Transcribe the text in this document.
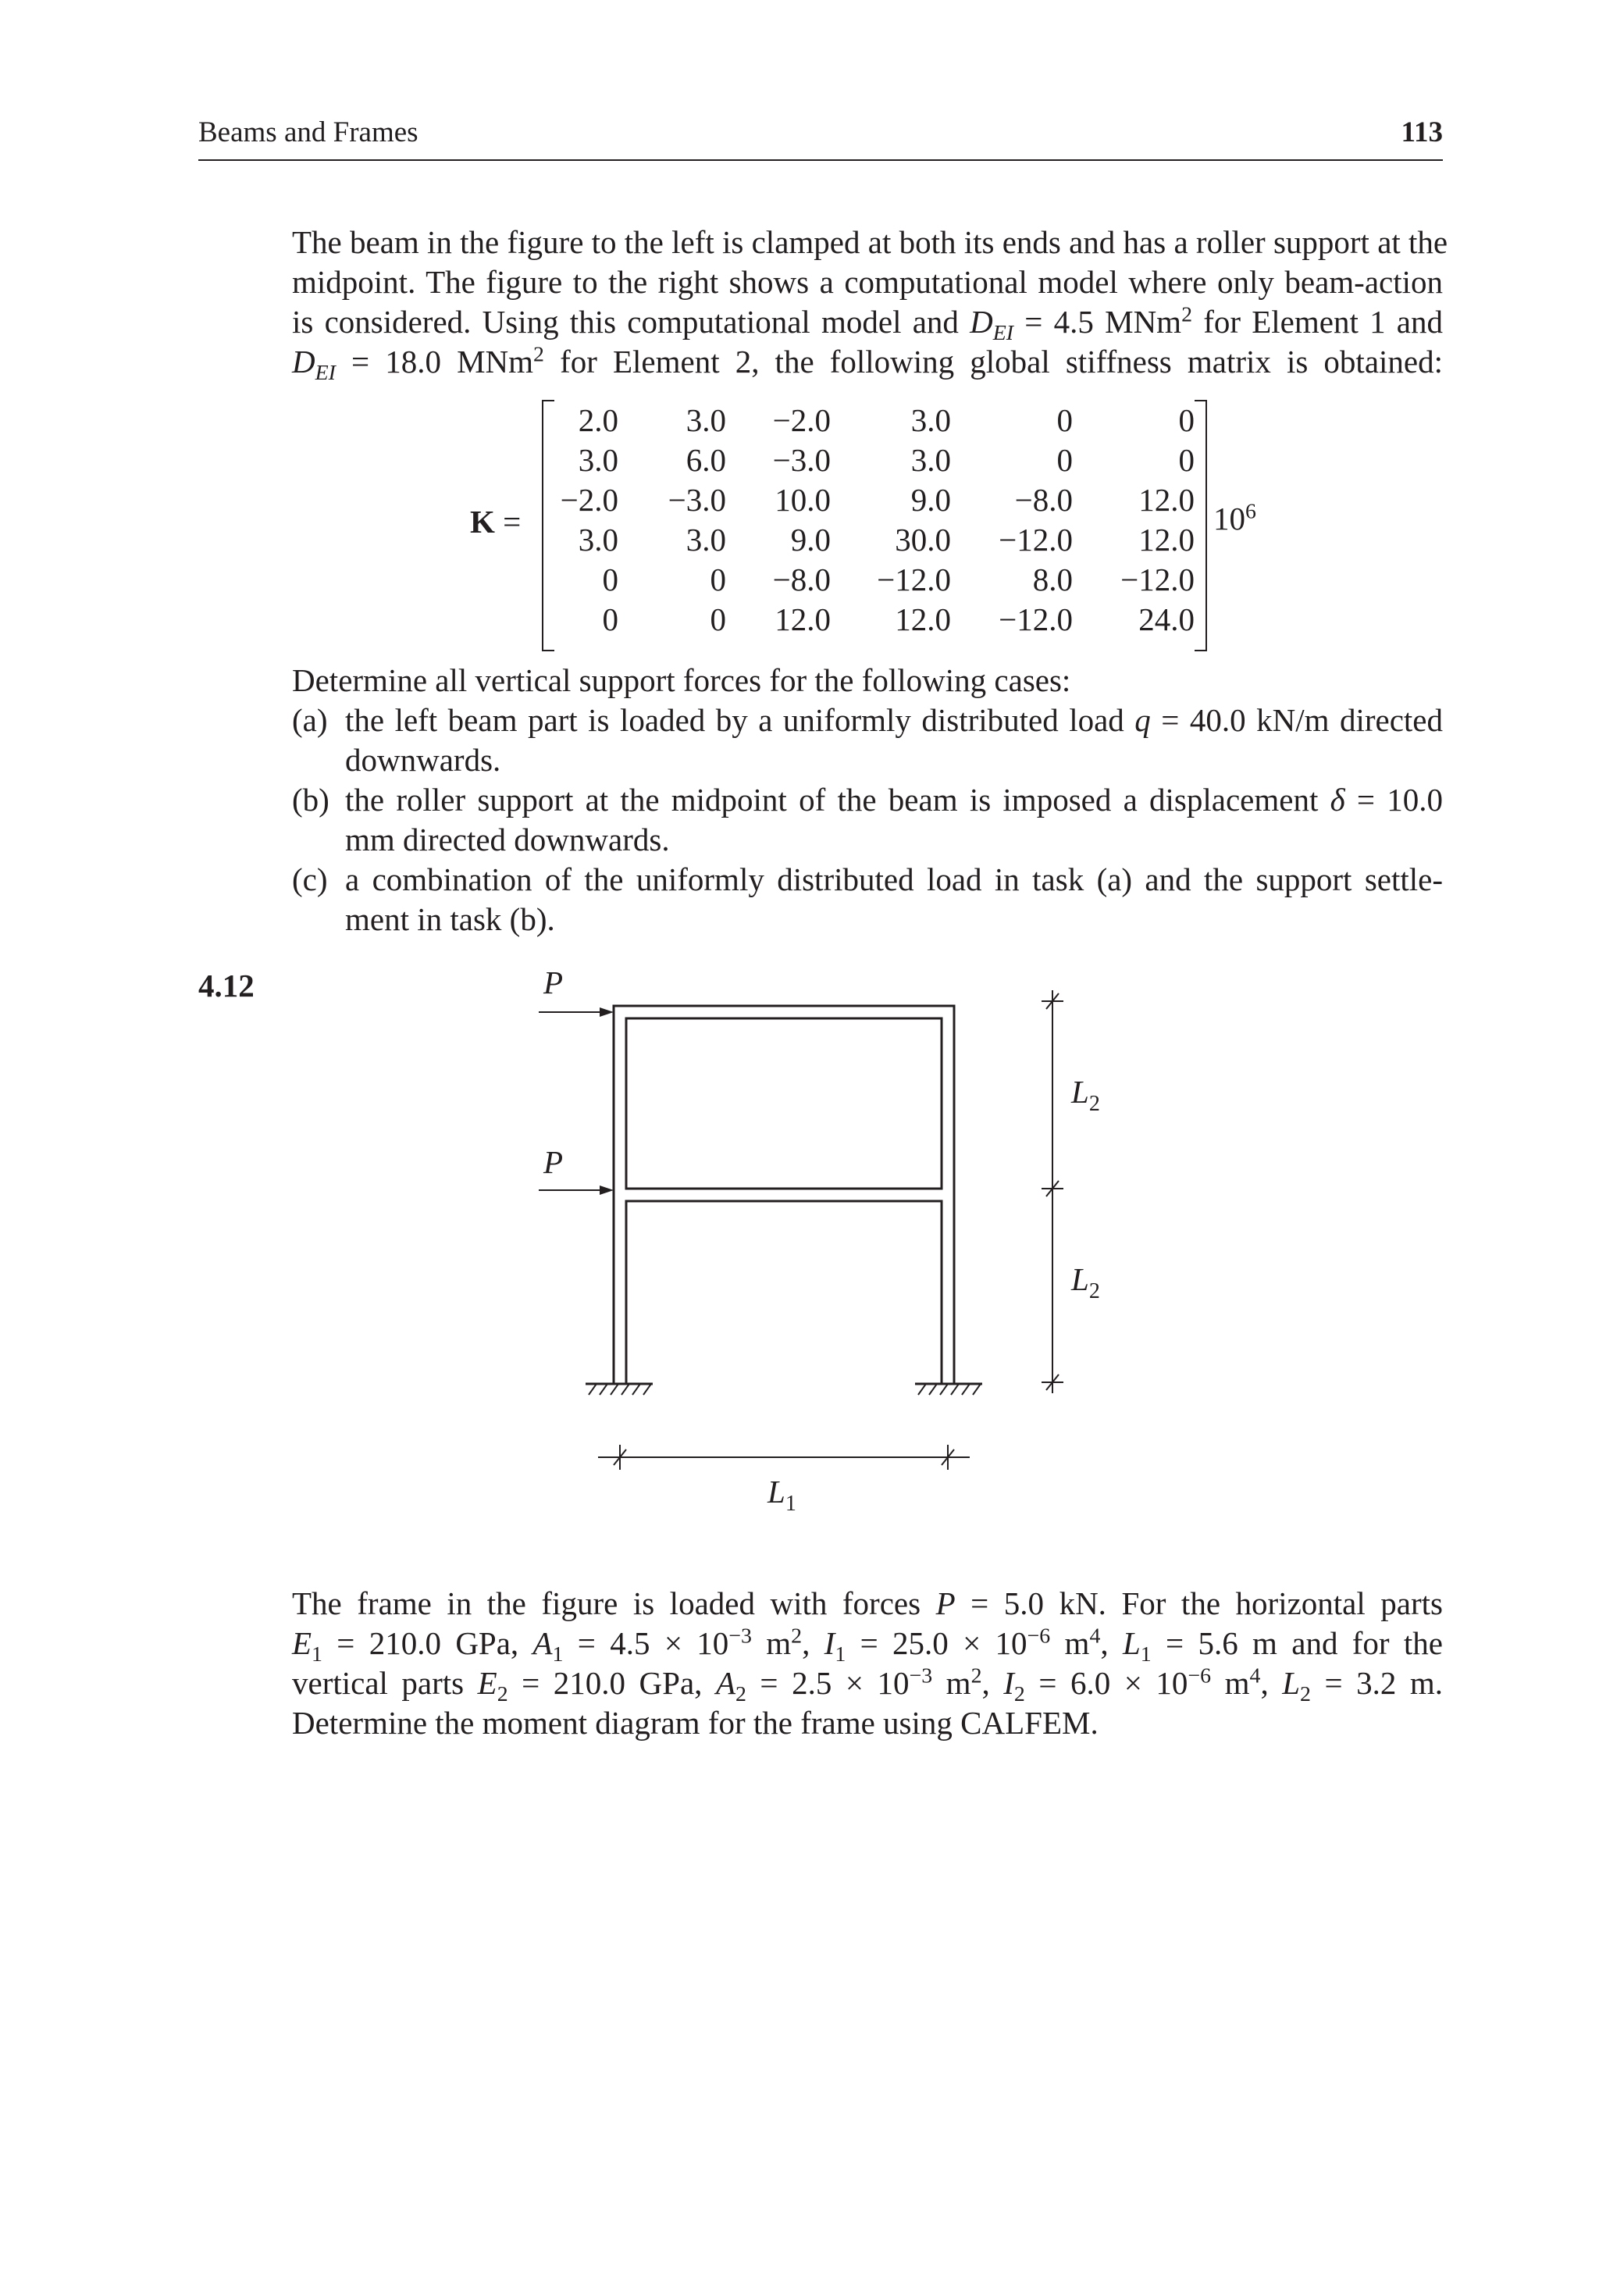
Beams and Frames	113
The beam in the figure to the left is clamped at both its ends and has a roller support at the
midpoint. The figure to the right shows a computational model where only beam-action
is considered. Using this computational model and $D_{EI} = 4.5$ MNm$^2$ for Element 1 and
$D_{EI} = 18.0$ MNm$^2$ for Element 2, the following global stiffness matrix is obtained:
K =
2.0	3.0	−2.0	3.0	0	0
3.0	6.0	−3.0	3.0	0	0
−2.0	−3.0	10.0	9.0	−8.0	12.0
3.0	3.0	9.0	30.0	−12.0	12.0
0	0	−8.0	−12.0	8.0	−12.0
0	0	12.0	12.0	−12.0	24.0
$10^6$
Determine all vertical support forces for the following cases:
(a) the left beam part is loaded by a uniformly distributed load q = 40.0 kN/m directed
downwards.
(b) the roller support at the midpoint of the beam is imposed a displacement δ = 10.0
mm directed downwards.
(c) a combination of the uniformly distributed load in task (a) and the support settle-
ment in task (b).
4.12	P
P
$L_2$
$L_2$
$L_1$
The frame in the figure is loaded with forces P = 5.0 kN. For the horizontal parts
$E_1 = 210.0$ GPa, $A_1 = 4.5 \times 10^{-3}$ $m^2$, $I_1 = 25.0 \times 10^{-6}$ $m^4$, $L_1 = 5.6$ m and for the
vertical parts $E_2 = 210.0$ GPa, $A_2 = 2.5 \times 10^{-3}$ $m^2$, $I_2 = 6.0 \times 10^{-6}$ $m^4$, $L_2 = 3.2$ m.
Determine the moment diagram for the frame using CALFEM.
